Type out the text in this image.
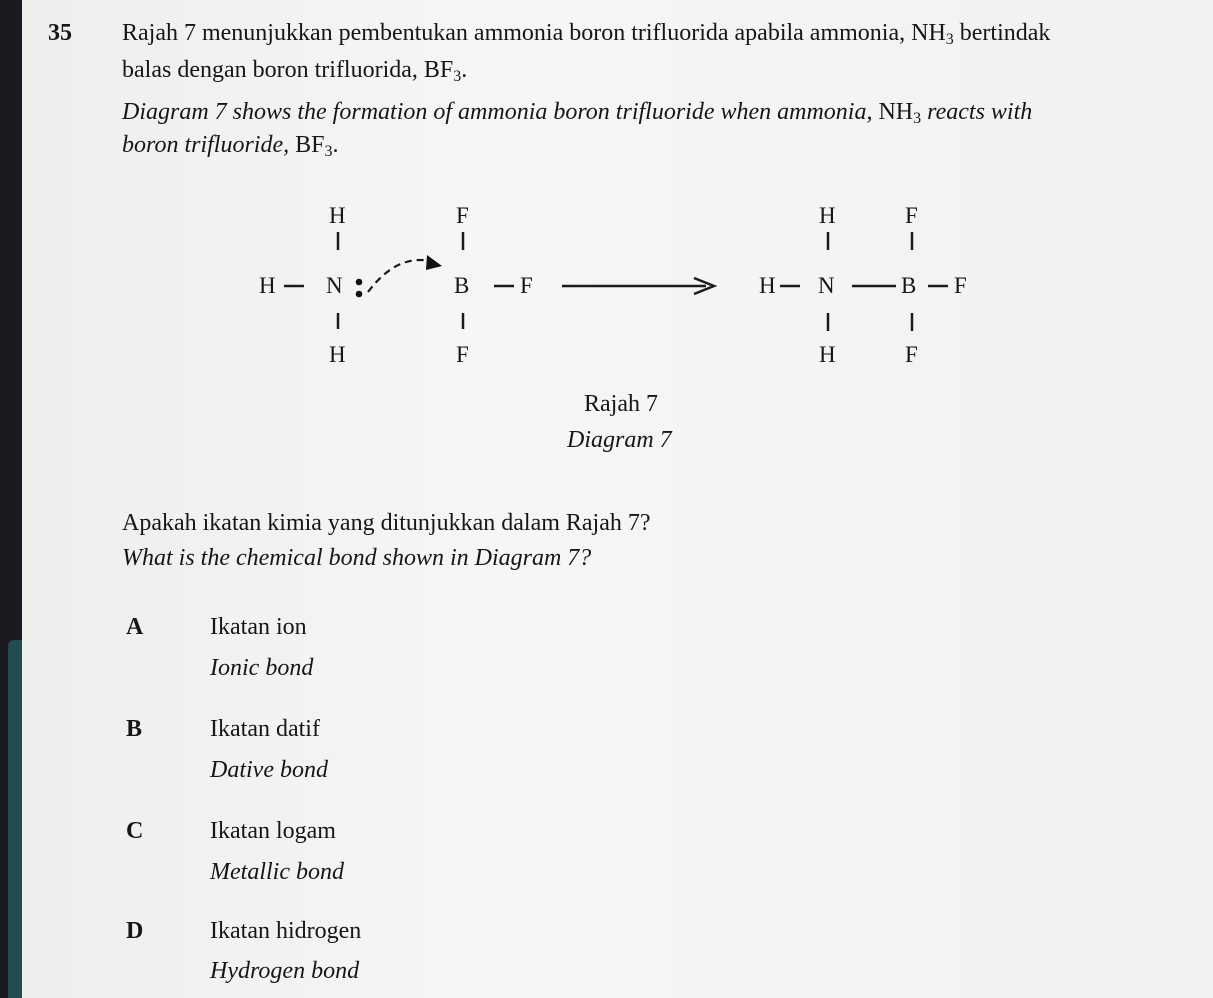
35 Rajah 7 menunjukkan pembentukan ammonia boron trifluorida apabila ammonia, $NH_3$ bertindak
balas dengan boron trifluorida, $BF_3$.
Diagram 7 shows the formation of ammonia boron trifluoride when ammonia, $NH_3$ reacts with
boron trifluoride, $BF_3$.
H
H N
H
F
B F
F
H
H N
H
F
B F
F
Rajah 7
Diagram 7
Apakah ikatan kimia yang ditunjukkan dalam Rajah 7?
What is the chemical bond shown in Diagram 7?
A	Ikatan ion
Ionic bond
B	Ikatan datif
Dative bond
C	Ikatan logam
Metallic bond
D	Ikatan hidrogen
Hydrogen bond
